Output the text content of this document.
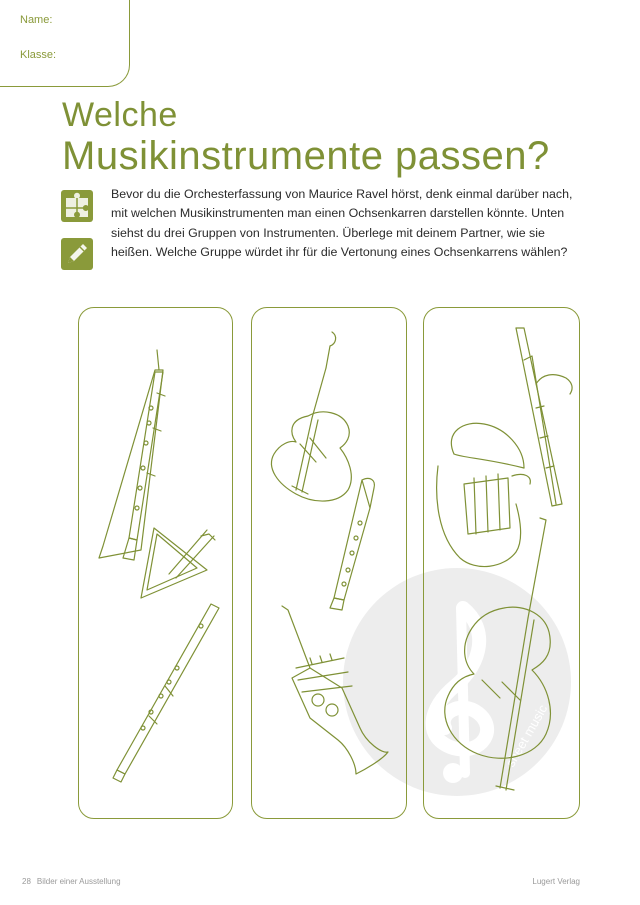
Name:
Klasse:
Welche
Musikinstrumente passen?
Bevor du die Orchesterfassung von Maurice Ravel hörst, denk einmal darüber nach, mit welchen Musikinstrumenten man einen Ochsenkarren darstellen könnte. Unten siehst du drei Gruppen von Instrumenten. Überlege mit deinem Partner, wie sie heißen. Welche Gruppe würdet ihr für die Vertonung eines Ochsenkarrens wählen?
sheet music
28 Bilder einer Ausstellung	Lugert Verlag
